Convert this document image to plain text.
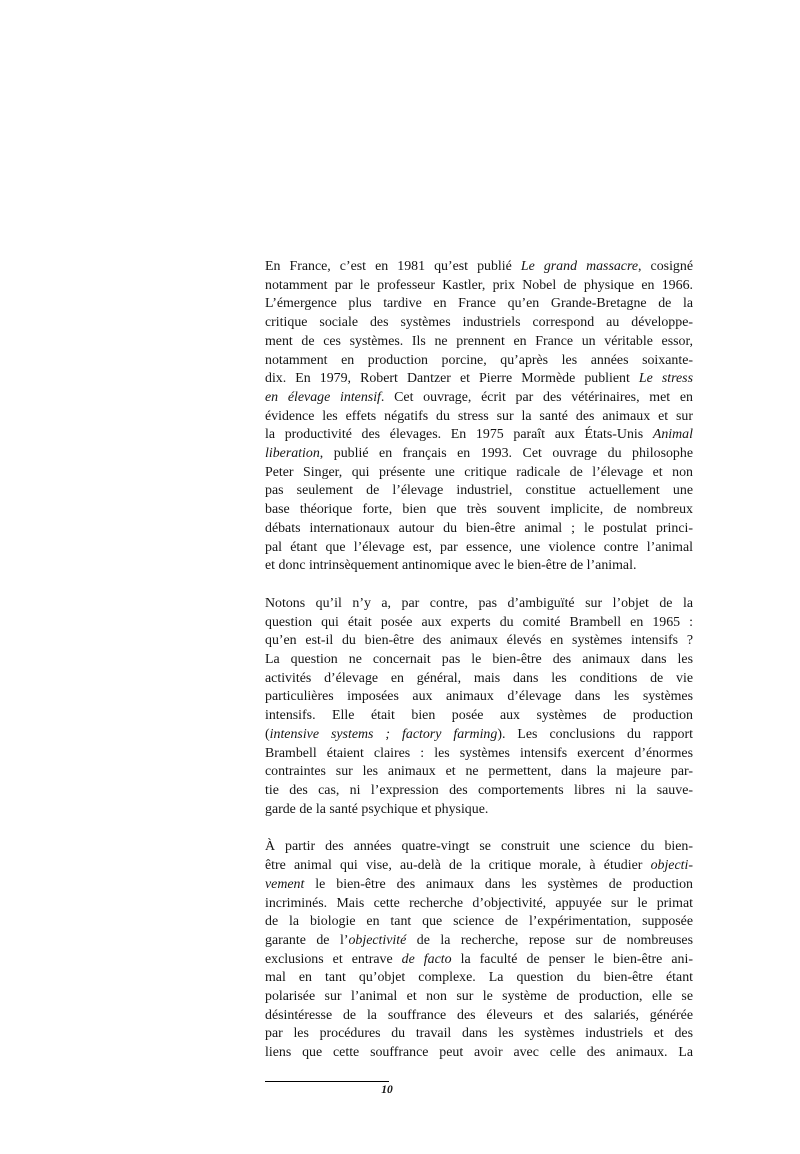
En France, c’est en 1981 qu’est publié Le grand massacre, cosigné
notamment par le professeur Kastler, prix Nobel de physique en 1966.
L’émergence plus tardive en France qu’en Grande-Bretagne de la
critique sociale des systèmes industriels correspond au développe-
ment de ces systèmes. Ils ne prennent en France un véritable essor,
notamment en production porcine, qu’après les années soixante-
dix. En 1979, Robert Dantzer et Pierre Mormède publient Le stress
en élevage intensif. Cet ouvrage, écrit par des vétérinaires, met en
évidence les effets négatifs du stress sur la santé des animaux et sur
la productivité des élevages. En 1975 paraît aux États-Unis Animal
liberation, publié en français en 1993. Cet ouvrage du philosophe
Peter Singer, qui présente une critique radicale de l’élevage et non
pas seulement de l’élevage industriel, constitue actuellement une
base théorique forte, bien que très souvent implicite, de nombreux
débats internationaux autour du bien-être animal ; le postulat princi-
pal étant que l’élevage est, par essence, une violence contre l’animal
et donc intrinsèquement antinomique avec le bien-être de l’animal.
Notons qu’il n’y a, par contre, pas d’ambiguïté sur l’objet de la
question qui était posée aux experts du comité Brambell en 1965 :
qu’en est-il du bien-être des animaux élevés en systèmes intensifs ?
La question ne concernait pas le bien-être des animaux dans les
activités d’élevage en général, mais dans les conditions de vie
particulières imposées aux animaux d’élevage dans les systèmes
intensifs. Elle était bien posée aux systèmes de production
(intensive systems ; factory farming). Les conclusions du rapport
Brambell étaient claires : les systèmes intensifs exercent d’énormes
contraintes sur les animaux et ne permettent, dans la majeure par-
tie des cas, ni l’expression des comportements libres ni la sauve-
garde de la santé psychique et physique.
À partir des années quatre-vingt se construit une science du bien-
être animal qui vise, au-delà de la critique morale, à étudier objecti-
vement le bien-être des animaux dans les systèmes de production
incriminés. Mais cette recherche d’objectivité, appuyée sur le primat
de la biologie en tant que science de l’expérimentation, supposée
garante de l’objectivité de la recherche, repose sur de nombreuses
exclusions et entrave de facto la faculté de penser le bien-être ani-
mal en tant qu’objet complexe. La question du bien-être étant
polarisée sur l’animal et non sur le système de production, elle se
désintéresse de la souffrance des éleveurs et des salariés, générée
par les procédures du travail dans les systèmes industriels et des
liens que cette souffrance peut avoir avec celle des animaux. La
10
